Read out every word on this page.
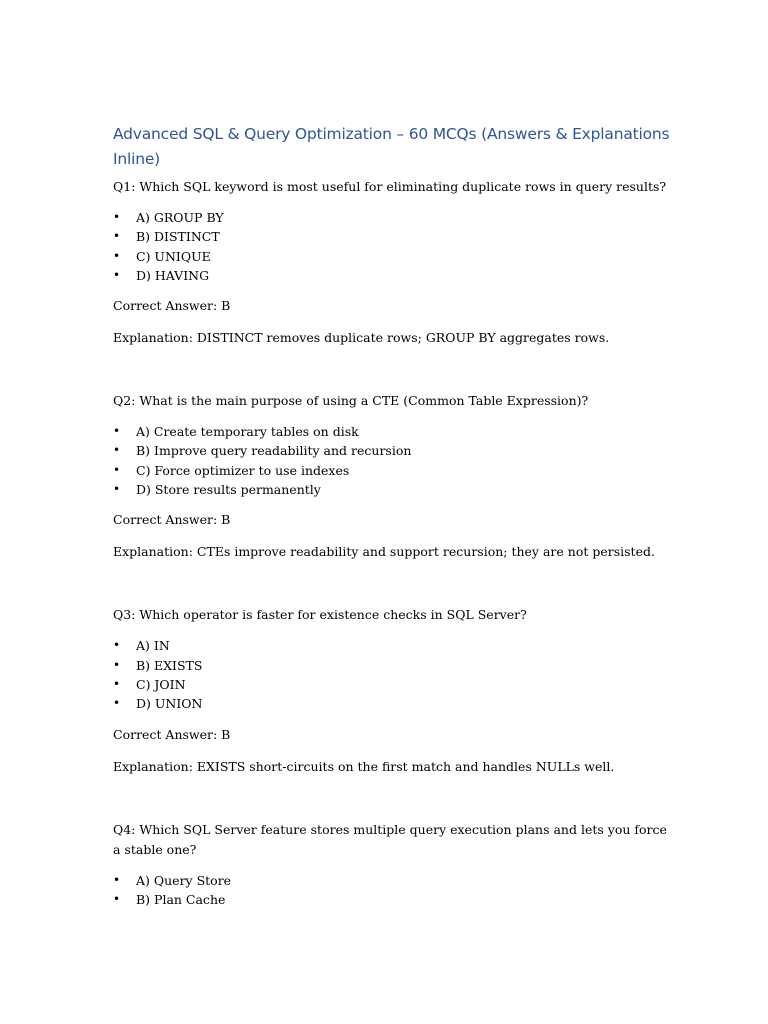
Advanced SQL & Query Optimization – 60 MCQs (Answers & Explanations Inline)

Q1: Which SQL keyword is most useful for eliminating duplicate rows in query results?

• A) GROUP BY
• B) DISTINCT
• C) UNIQUE
• D) HAVING

Correct Answer: B

Explanation: DISTINCT removes duplicate rows; GROUP BY aggregates rows.

Q2: What is the main purpose of using a CTE (Common Table Expression)?

• A) Create temporary tables on disk
• B) Improve query readability and recursion
• C) Force optimizer to use indexes
• D) Store results permanently

Correct Answer: B

Explanation: CTEs improve readability and support recursion; they are not persisted.

Q3: Which operator is faster for existence checks in SQL Server?

• A) IN
• B) EXISTS
• C) JOIN
• D) UNION

Correct Answer: B

Explanation: EXISTS short-circuits on the first match and handles NULLs well.

Q4: Which SQL Server feature stores multiple query execution plans and lets you force a stable one?

• A) Query Store
• B) Plan Cache
